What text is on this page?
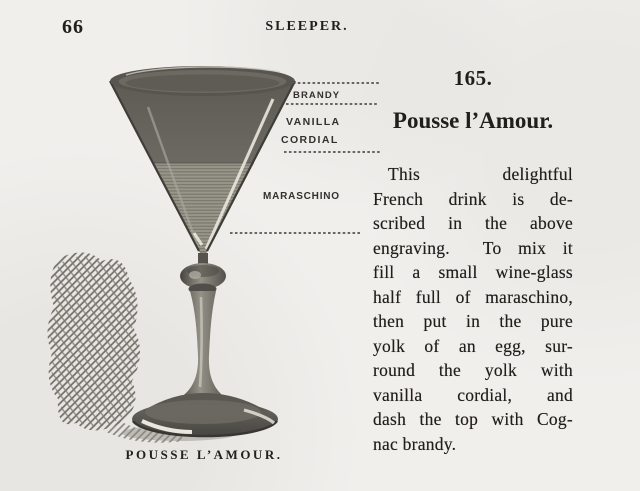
66	SLEEPER.
BRANDY
VANILLA
CORDIAL
MARASCHINO
POUSSE L’AMOUR.
165.
Pousse l’Amour.
This delightful
French drink is de-
scribed in the above
engraving.  To mix it
fill a small wine-glass
half full of maraschino,
then put in the pure
yolk of an egg, sur-
round the yolk with
vanilla cordial, and
dash the top with Cog-
nac brandy.
